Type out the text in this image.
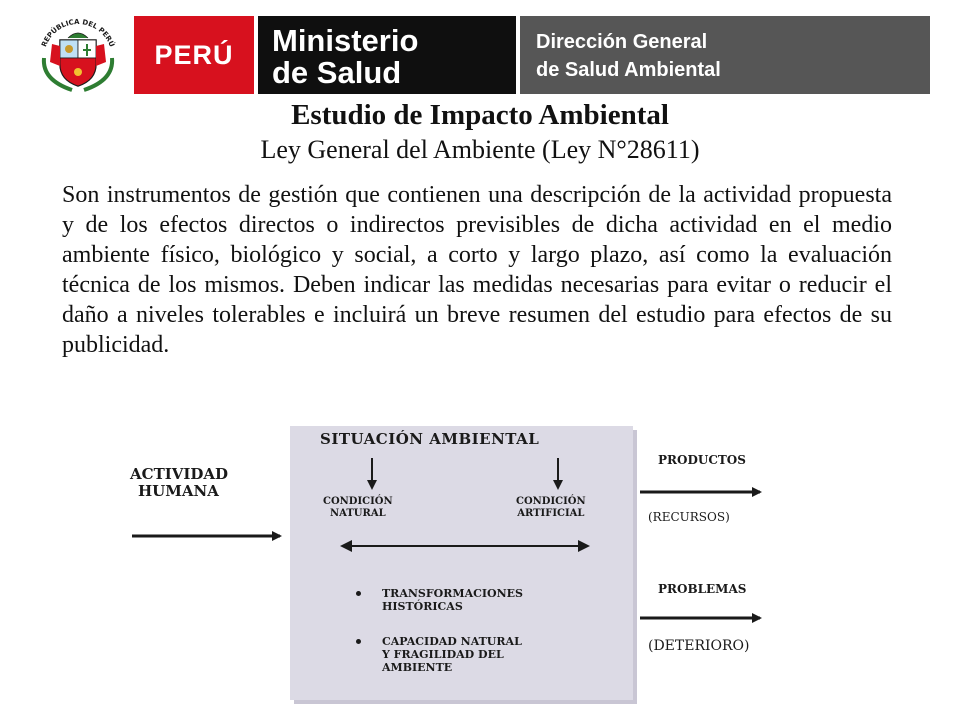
REPÚBLICA DEL PERÚ PERÚ Ministerio
de Salud
Dirección General
de Salud Ambiental
Estudio de Impacto Ambiental
Ley General del Ambiente (Ley N°28611)
Son instrumentos de gestión que contienen una descripción de la actividad propuesta y de los efectos directos o indirectos previsibles de dicha actividad en el medio ambiente físico, biológico y social, a corto y largo plazo, así como la evaluación técnica de los mismos. Deben indicar las medidas necesarias para evitar o reducir el daño a niveles tolerables e incluirá un breve resumen del estudio para efectos de su publicidad.
SITUACIÓN AMBIENTAL
ACTIVIDAD
HUMANA
CONDICIÓN
NATURAL
CONDICIÓN
ARTIFICIAL
TRANSFORMACIONES
HISTÓRICAS
CAPACIDAD NATURAL
Y FRAGILIDAD DEL
AMBIENTE
PRODUCTOS
(RECURSOS)
PROBLEMAS
(DETERIORO)
